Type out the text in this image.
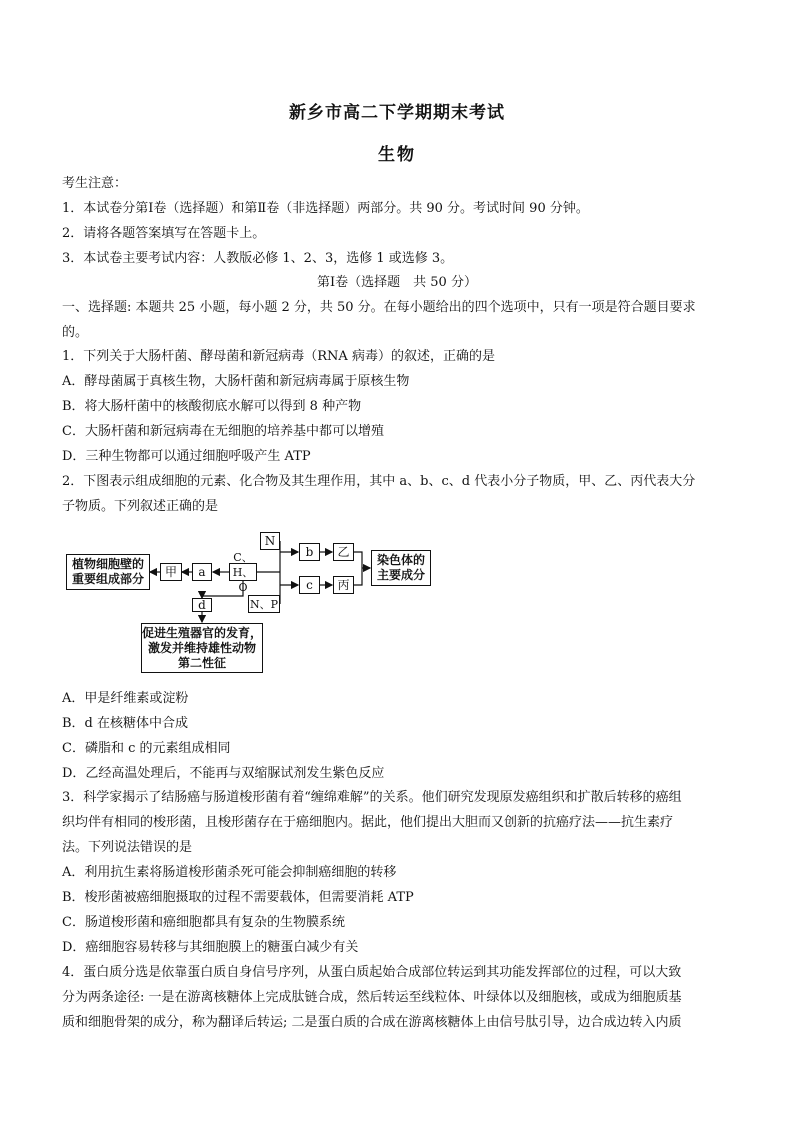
新乡市高二下学期期末考试
生物
考生注意：
1．本试卷分第Ⅰ卷（选择题）和第Ⅱ卷（非选择题）两部分。共 90 分。考试时间 90 分钟。
2．请将各题答案填写在答题卡上。
3．本试卷主要考试内容：人教版必修 1、2、3，选修 1 或选修 3。
第Ⅰ卷（选择题　共 50 分）
一、选择题: 本题共 25 小题，每小题 2 分，共 50 分。在每小题给出的四个选项中，只有一项是符合题目要求
的。
1．下列关于大肠杆菌、酵母菌和新冠病毒（RNA 病毒）的叙述，正确的是
A．酵母菌属于真核生物，大肠杆菌和新冠病毒属于原核生物
B．将大肠杆菌中的核酸彻底水解可以得到 8 种产物
C．大肠杆菌和新冠病毒在无细胞的培养基中都可以增殖
D．三种生物都可以通过细胞呼吸产生 ATP
2．下图表示组成细胞的元素、化合物及其生理作用，其中 a、b、c、d 代表小分子物质，甲、乙、丙代表大分
子物质。下列叙述正确的是
植物细胞壁的
重要组成部分
甲	a
C、H、O
N
b	乙
c	丙
N、P
染色体的
主要成分
d
促进生殖器官的发育，
激发并维持雄性动物
第二性征
A．甲是纤维素或淀粉
B．d 在核糖体中合成
C．磷脂和 c 的元素组成相同
D．乙经高温处理后，不能再与双缩脲试剂发生紫色反应
3．科学家揭示了结肠癌与肠道梭形菌有着“缠绵难解”的关系。他们研究发现原发癌组织和扩散后转移的癌组
织均伴有相同的梭形菌，且梭形菌存在于癌细胞内。据此，他们提出大胆而又创新的抗癌疗法——抗生素疗
法。下列说法错误的是
A．利用抗生素将肠道梭形菌杀死可能会抑制癌细胞的转移
B．梭形菌被癌细胞摄取的过程不需要载体，但需要消耗 ATP
C．肠道梭形菌和癌细胞都具有复杂的生物膜系统
D．癌细胞容易转移与其细胞膜上的糖蛋白减少有关
4．蛋白质分选是依靠蛋白质自身信号序列，从蛋白质起始合成部位转运到其功能发挥部位的过程，可以大致
分为两条途径: 一是在游离核糖体上完成肽链合成，然后转运至线粒体、叶绿体以及细胞核，或成为细胞质基
质和细胞骨架的成分，称为翻译后转运; 二是蛋白质的合成在游离核糖体上由信号肽引导，边合成边转入内质
